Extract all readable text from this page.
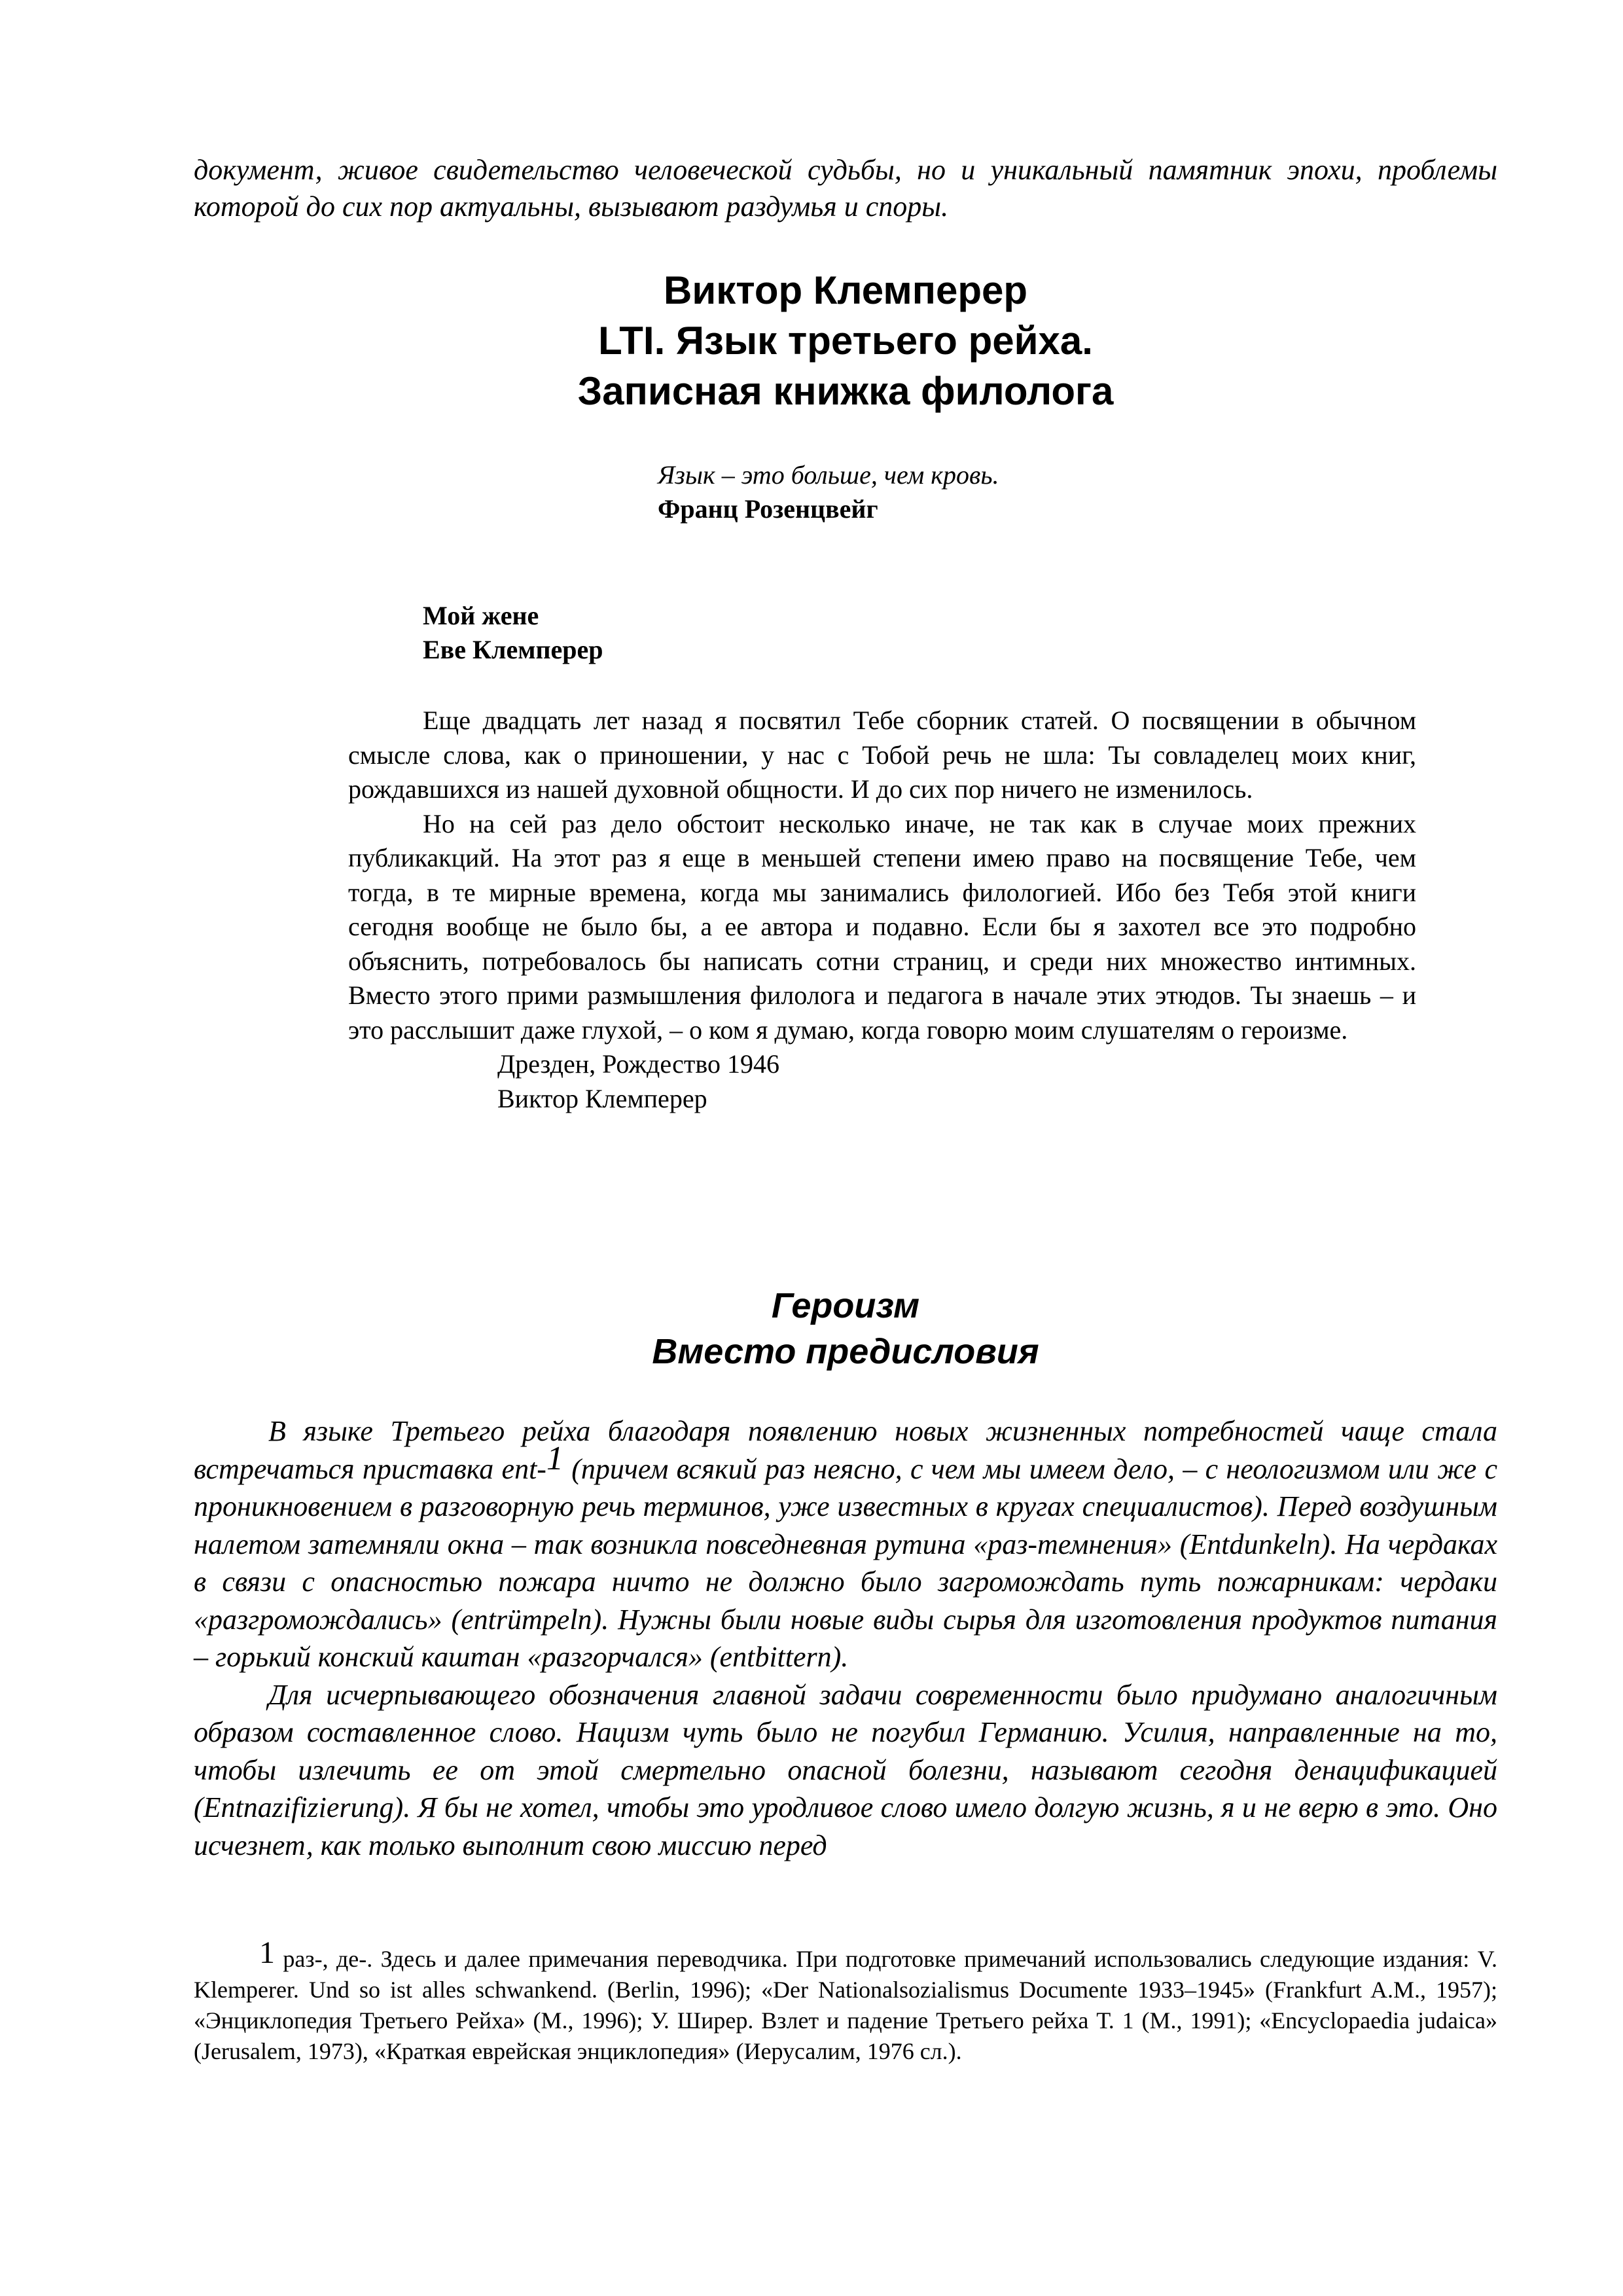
документ, живое свидетельство человеческой судьбы, но и уникальный памятник эпохи, проблемы которой до сих пор актуальны, вызывают раздумья и споры.
Виктор Клемперер
LTI. Язык третьего рейха.
Записная книжка филолога
Язык – это больше, чем кровь.
Франц Розенцвейг
Мой жене
Еве Клемперер

Еще двадцать лет назад я посвятил Тебе сборник статей. О посвящении в обычном смысле слова, как о приношении, у нас с Тобой речь не шла: Ты совладелец моих книг, рождавшихся из нашей духовной общности. И до сих пор ничего не изменилось.

Но на сей раз дело обстоит несколько иначе, не так как в случае моих прежних публикакций. На этот раз я еще в меньшей степени имею право на посвящение Тебе, чем тогда, в те мирные времена, когда мы занимались филологией. Ибо без Тебя этой книги сегодня вообще не было бы, а ее автора и подавно. Если бы я захотел все это подробно объяснить, потребовалось бы написать сотни страниц, и среди них множество интимных. Вместо этого прими размышления филолога и педагога в начале этих этюдов. Ты знаешь – и это расслышит даже глухой, – о ком я думаю, когда говорю моим слушателям о героизме.

Дрезден, Рождество 1946

Виктор Клемперер

Героизм
Вместо предисловия

В языке Третьего рейха благодаря появлению новых жизненных потребностей чаще стала встречаться приставка ent-1 (причем всякий раз неясно, с чем мы имеем дело, – с неологизмом или же с проникновением в разговорную речь терминов, уже известных в кругах специалистов). Перед воздушным налетом затемняли окна – так возникла повседневная рутина «раз-темнения» (Entdunkeln). На чердаках в связи с опасностью пожара ничто не должно было загромождать путь пожарникам: чердаки «разгромождались» (entrümpeln). Нужны были новые виды сырья для изготовления продуктов питания – горький конский каштан «разгорчался» (entbittern).

Для исчерпывающего обозначения главной задачи современности было придумано аналогичным образом составленное слово. Нацизм чуть было не погубил Германию. Усилия, направленные на то, чтобы излечить ее от этой смертельно опасной болезни, называют сегодня денацификацией (Entnazifizierung). Я бы не хотел, чтобы это уродливое слово имело долгую жизнь, я и не верю в это. Оно исчезнет, как только выполнит свою миссию перед

1 раз-, де-. Здесь и далее примечания переводчика. При подготовке примечаний использовались следующие издания: V. Klemperer. Und so ist alles schwankend. (Berlin, 1996); «Der Nationalsozialismus Documente 1933–1945» (Frankfurt A.M., 1957); «Энциклопедия Третьего Рейха» (М., 1996); У. Ширер. Взлет и падение Третьего рейха Т. 1 (М., 1991); «Encyclopaedia judaica» (Jerusalem, 1973), «Краткая еврейская энциклопедия» (Иерусалим, 1976 сл.).
